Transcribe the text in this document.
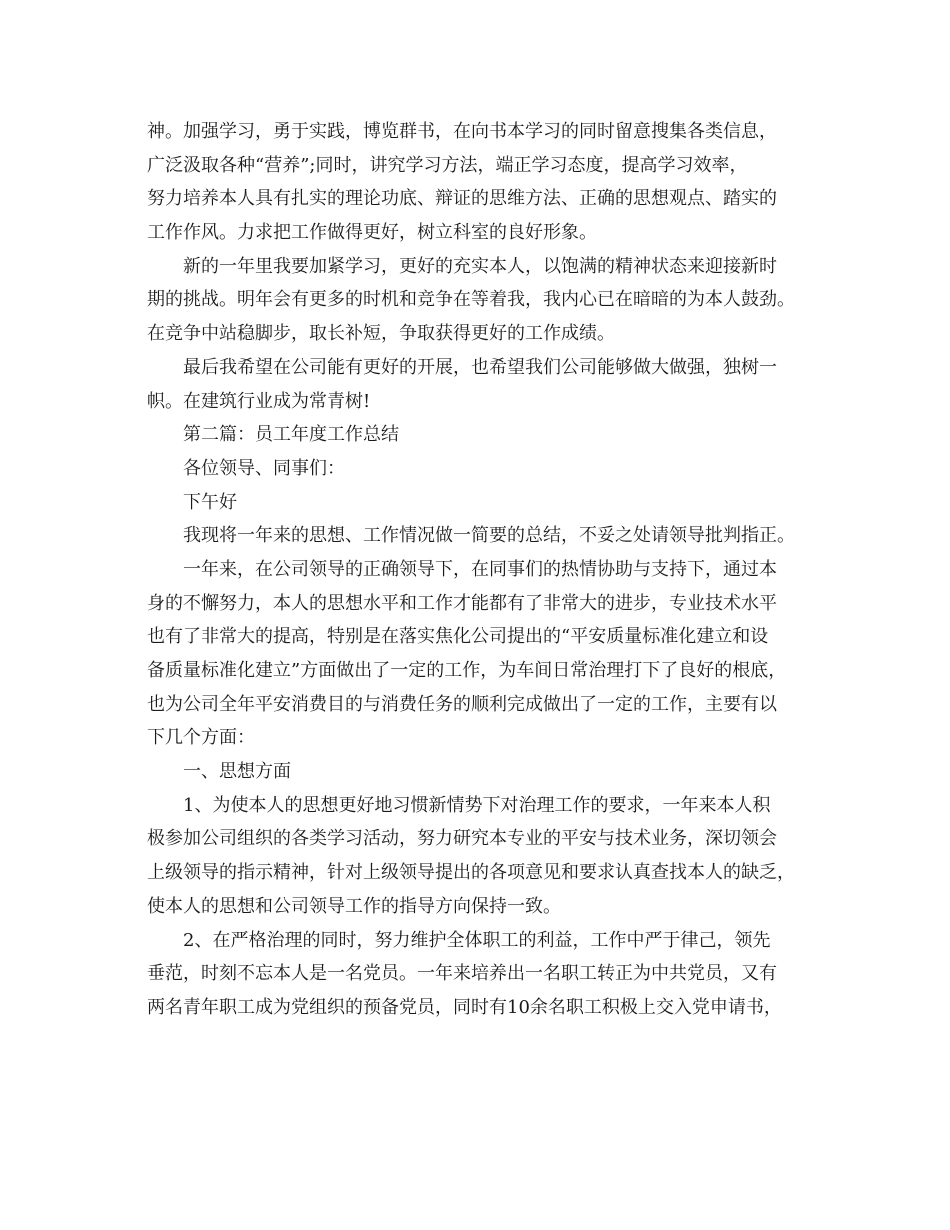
神。加强学习，勇于实践，博览群书，在向书本学习的同时留意搜集各类信息，
广泛汲取各种“营养”;同时，讲究学习方法，端正学习态度，提高学习效率，
努力培养本人具有扎实的理论功底、辩证的思维方法、正确的思想观点、踏实的
工作作风。力求把工作做得更好，树立科室的良好形象。
新的一年里我要加紧学习，更好的充实本人，以饱满的精神状态来迎接新时
期的挑战。明年会有更多的时机和竞争在等着我，我内心已在暗暗的为本人鼓劲。
在竞争中站稳脚步，取长补短，争取获得更好的工作成绩。
最后我希望在公司能有更好的开展，也希望我们公司能够做大做强，独树一
帜。在建筑行业成为常青树!
第二篇：员工年度工作总结
各位领导、同事们：
下午好
我现将一年来的思想、工作情况做一简要的总结，不妥之处请领导批判指正。
一年来，在公司领导的正确领导下，在同事们的热情协助与支持下，通过本
身的不懈努力，本人的思想水平和工作才能都有了非常大的进步，专业技术水平
也有了非常大的提高，特别是在落实焦化公司提出的“平安质量标准化建立和设
备质量标准化建立”方面做出了一定的工作，为车间日常治理打下了良好的根底，
也为公司全年平安消费目的与消费任务的顺利完成做出了一定的工作，主要有以
下几个方面：
一、思想方面
1、为使本人的思想更好地习惯新情势下对治理工作的要求，一年来本人积
极参加公司组织的各类学习活动，努力研究本专业的平安与技术业务，深切领会
上级领导的指示精神，针对上级领导提出的各项意见和要求认真查找本人的缺乏，
使本人的思想和公司领导工作的指导方向保持一致。
2、在严格治理的同时，努力维护全体职工的利益，工作中严于律己，领先
垂范，时刻不忘本人是一名党员。一年来培养出一名职工转正为中共党员，又有
两名青年职工成为党组织的预备党员，同时有10余名职工积极上交入党申请书，
